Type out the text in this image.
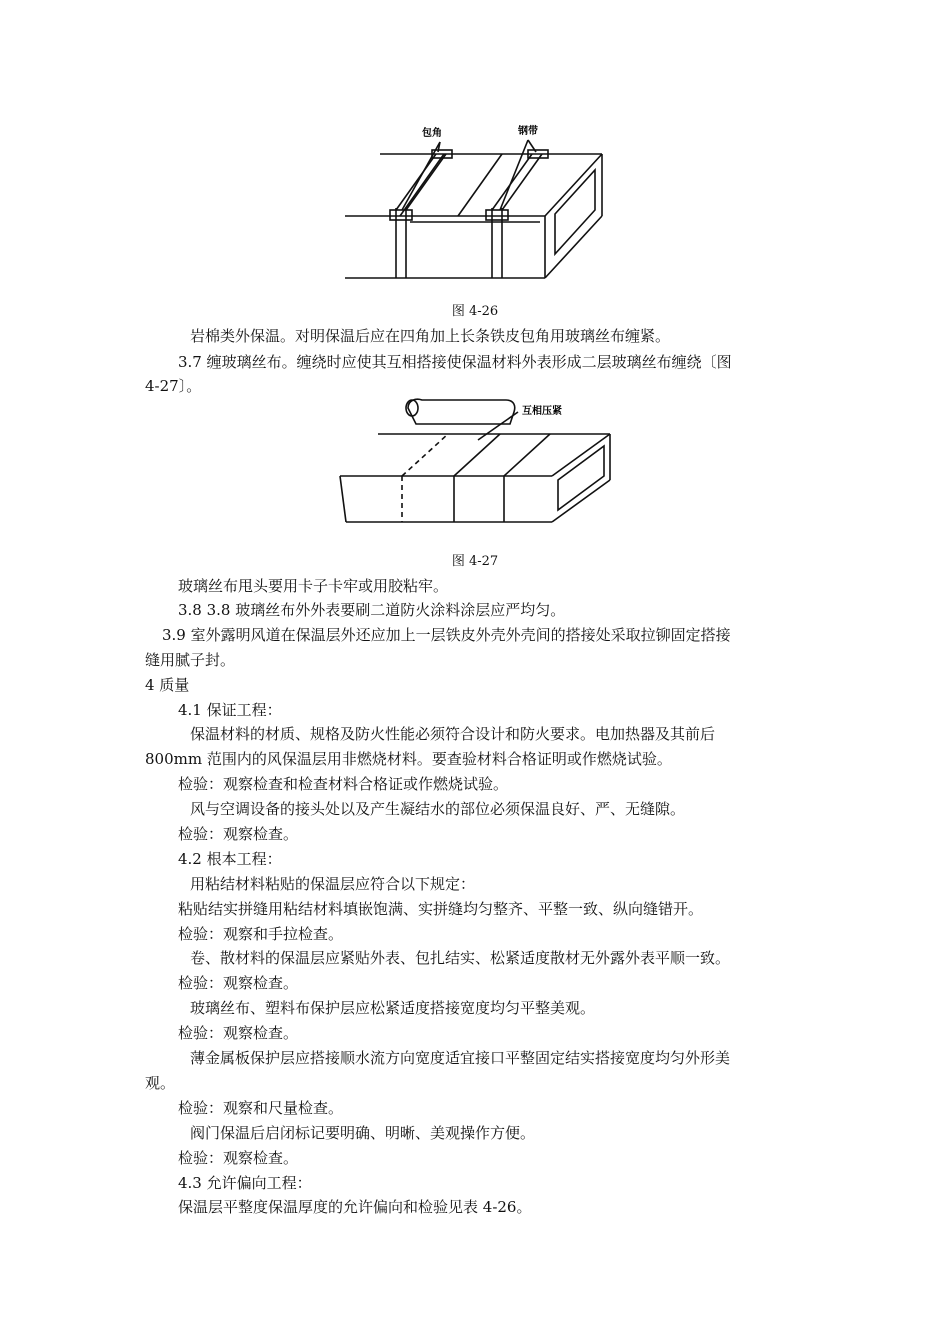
包角	钢带
图 4-26
岩棉类外保温。对明保温后应在四角加上长条铁皮包角用玻璃丝布缠紧。
3.7 缠玻璃丝布。缠绕时应使其互相搭接使保温材料外表形成二层玻璃丝布缠绕〔图
4-27〕。
互相压紧
图 4-27
玻璃丝布甩头要用卡子卡牢或用胶粘牢。
3.8 3.8 玻璃丝布外外表要刷二道防火涂料涂层应严均匀。
3.9 室外露明风道在保温层外还应加上一层铁皮外壳外壳间的搭接处采取拉铆固定搭接
缝用腻子封。
4 质量
4.1 保证工程：
保温材料的材质、规格及防火性能必须符合设计和防火要求。电加热器及其前后
800mm 范围内的风保温层用非燃烧材料。要查验材料合格证明或作燃烧试验。
检验：观察检查和检查材料合格证或作燃烧试验。
风与空调设备的接头处以及产生凝结水的部位必须保温良好、严、无缝隙。
检验：观察检查。
4.2 根本工程：
用粘结材料粘贴的保温层应符合以下规定：
粘贴结实拼缝用粘结材料填嵌饱满、实拼缝均匀整齐、平整一致、纵向缝错开。
检验：观察和手拉检查。
卷、散材料的保温层应紧贴外表、包扎结实、松紧适度散材无外露外表平顺一致。
检验：观察检查。
玻璃丝布、塑料布保护层应松紧适度搭接宽度均匀平整美观。
检验：观察检查。
薄金属板保护层应搭接顺水流方向宽度适宜接口平整固定结实搭接宽度均匀外形美
观。
检验：观察和尺量检查。
阀门保温后启闭标记要明确、明晰、美观操作方便。
检验：观察检查。
4.3 允许偏向工程：
保温层平整度保温厚度的允许偏向和检验见表 4-26。
